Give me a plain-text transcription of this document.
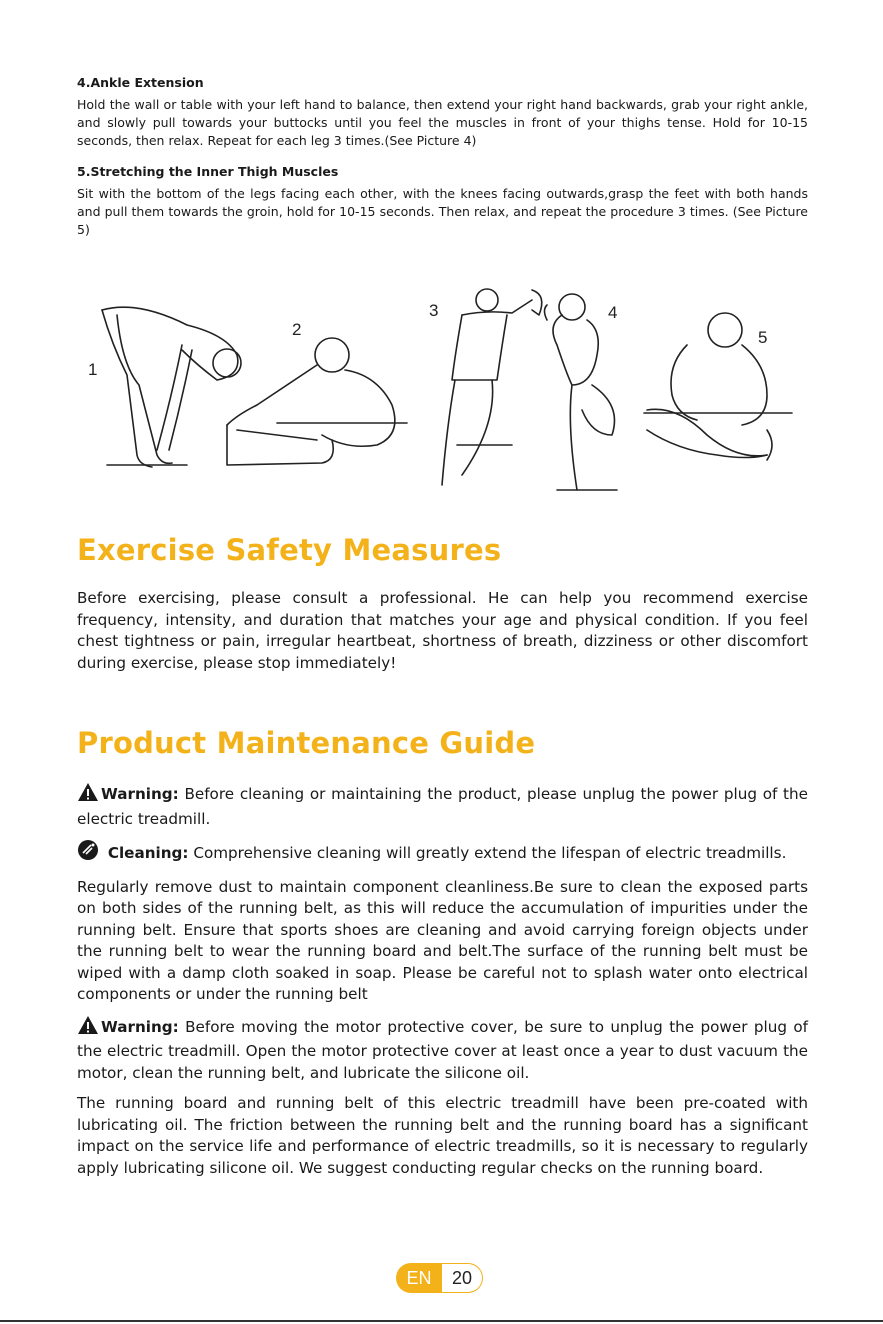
4.Ankle Extension

Hold the wall or table with your left hand to balance, then extend your right hand backwards, grab your right ankle, and slowly pull towards your buttocks until you feel the muscles in front of your thighs tense. Hold for 10-15 seconds, then relax. Repeat for each leg 3 times.(See Picture 4)

5.Stretching the Inner Thigh Muscles

Sit with the bottom of the legs facing each other, with the knees facing outwards,grasp the feet with both hands and pull them towards the groin, hold for 10-15 seconds. Then relax, and repeat the procedure 3 times. (See Picture 5)

1
2
3	4
5
Exercise Safety Measures

Before exercising, please consult a professional. He can help you recommend exercise frequency, intensity, and duration that matches your age and physical condition. If you feel chest tightness or pain, irregular heartbeat, shortness of breath, dizziness or other discomfort during exercise, please stop immediately!

Product Maintenance Guide

Warning: Before cleaning or maintaining the product, please unplug the power plug of the electric treadmill.

Cleaning: Comprehensive cleaning will greatly extend the lifespan of electric treadmills.

Regularly remove dust to maintain component cleanliness.Be sure to clean the exposed parts on both sides of the running belt, as this will reduce the accumulation of impurities under the running belt. Ensure that sports shoes are cleaning and avoid carrying foreign objects under the running belt to wear the running board and belt.The surface of the running belt must be wiped with a damp cloth soaked in soap. Please be careful not to splash water onto electrical components or under the running belt

Warning: Before moving the motor protective cover, be sure to unplug the power plug of the electric treadmill. Open the motor protective cover at least once a year to dust vacuum the motor, clean the running belt, and lubricate the silicone oil.

The running board and running belt of this electric treadmill have been pre-coated with lubricating oil. The friction between the running belt and the running board has a significant impact on the service life and performance of electric treadmills, so it is necessary to regularly apply lubricating silicone oil. We suggest conducting regular checks on the running board.

EN	20
